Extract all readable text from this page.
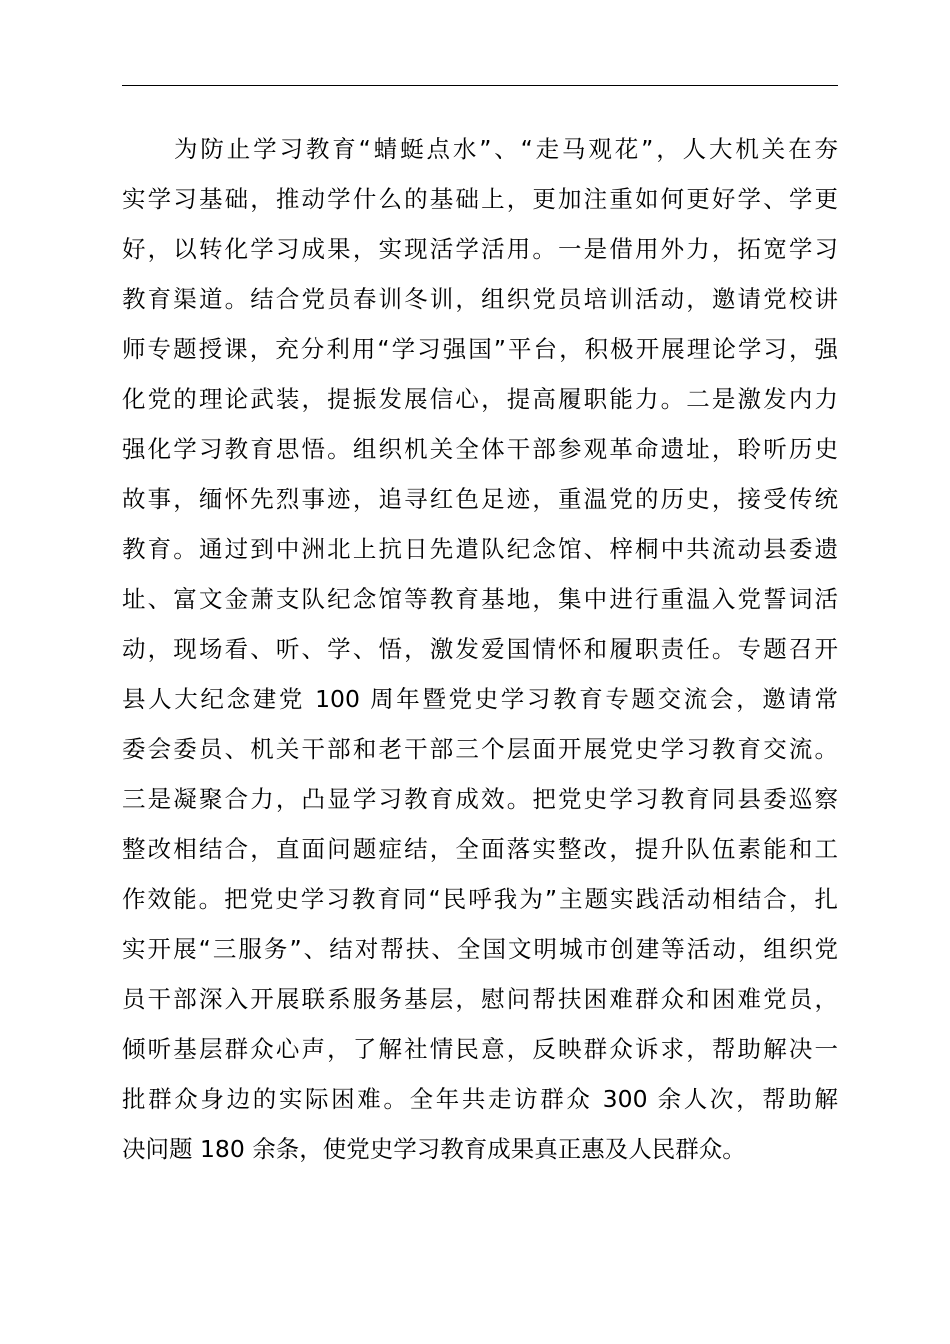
为防止学习教育“蜻蜓点水”、“走马观花”，人大机关在夯
实学习基础，推动学什么的基础上，更加注重如何更好学、学更
好，以转化学习成果，实现活学活用。一是借用外力，拓宽学习
教育渠道。结合党员春训冬训，组织党员培训活动，邀请党校讲
师专题授课，充分利用“学习强国”平台，积极开展理论学习，强
化党的理论武装，提振发展信心，提高履职能力。二是激发内力
强化学习教育思悟。组织机关全体干部参观革命遗址，聆听历史
故事，缅怀先烈事迹，追寻红色足迹，重温党的历史，接受传统
教育。通过到中洲北上抗日先遣队纪念馆、梓桐中共流动县委遗
址、富文金萧支队纪念馆等教育基地，集中进行重温入党誓词活
动，现场看、听、学、悟，激发爱国情怀和履职责任。专题召开
县人大纪念建党 100 周年暨党史学习教育专题交流会，邀请常
委会委员、机关干部和老干部三个层面开展党史学习教育交流。
三是凝聚合力，凸显学习教育成效。把党史学习教育同县委巡察
整改相结合，直面问题症结，全面落实整改，提升队伍素能和工
作效能。把党史学习教育同“民呼我为”主题实践活动相结合，扎
实开展“三服务”、结对帮扶、全国文明城市创建等活动，组织党
员干部深入开展联系服务基层，慰问帮扶困难群众和困难党员，
倾听基层群众心声，了解社情民意，反映群众诉求，帮助解决一
批群众身边的实际困难。全年共走访群众 300 余人次，帮助解
决问题 180 余条，使党史学习教育成果真正惠及人民群众。
